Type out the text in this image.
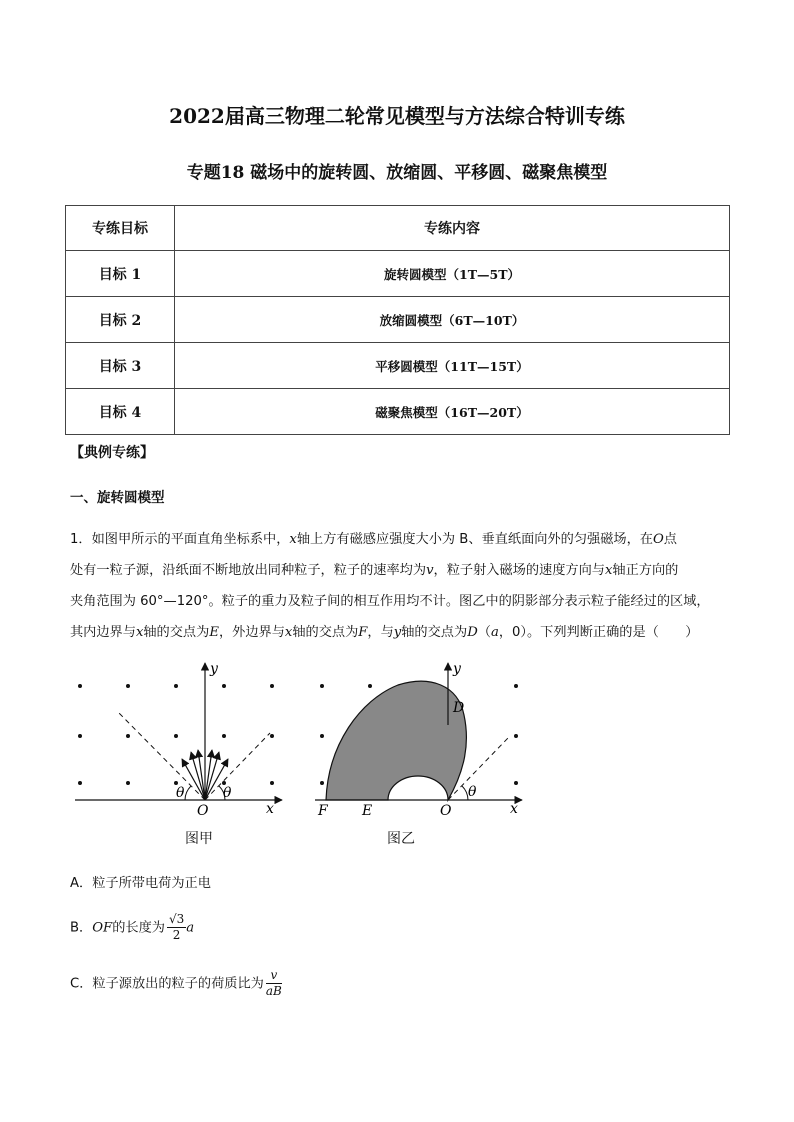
2022届高三物理二轮常见模型与方法综合特训专练
专题18 磁场中的旋转圆、放缩圆、平移圆、磁聚焦模型
专练目标	专练内容
目标 1	旋转圆模型（1T—5T）
目标 2	放缩圆模型（6T—10T）
目标 3	平移圆模型（11T—15T）
目标 4	磁聚焦模型（16T—20T）
【典例专练】
一、旋转圆模型
1．如图甲所示的平面直角坐标系中，x轴上方有磁感应强度大小为 B、垂直纸面向外的匀强磁场，在O点
处有一粒子源，沿纸面不断地放出同种粒子，粒子的速率均为v，粒子射入磁场的速度方向与x轴正方向的
夹角范围为 60°—120°。粒子的重力及粒子间的相互作用均不计。图乙中的阴影部分表示粒子能经过的区域，
其内边界与x轴的交点为E，外边界与x轴的交点为F，与y轴的交点为D（a，0）。下列判断正确的是（　　）
θ	θ
O	x
y
θ
O
E
F
D
x
y
图甲	图乙
A．粒子所带电荷为正电
B．OF的长度为 $\frac{√3}{2}$ a
C．粒子源放出的粒子的荷质比为 $\frac{v}{aB}$
